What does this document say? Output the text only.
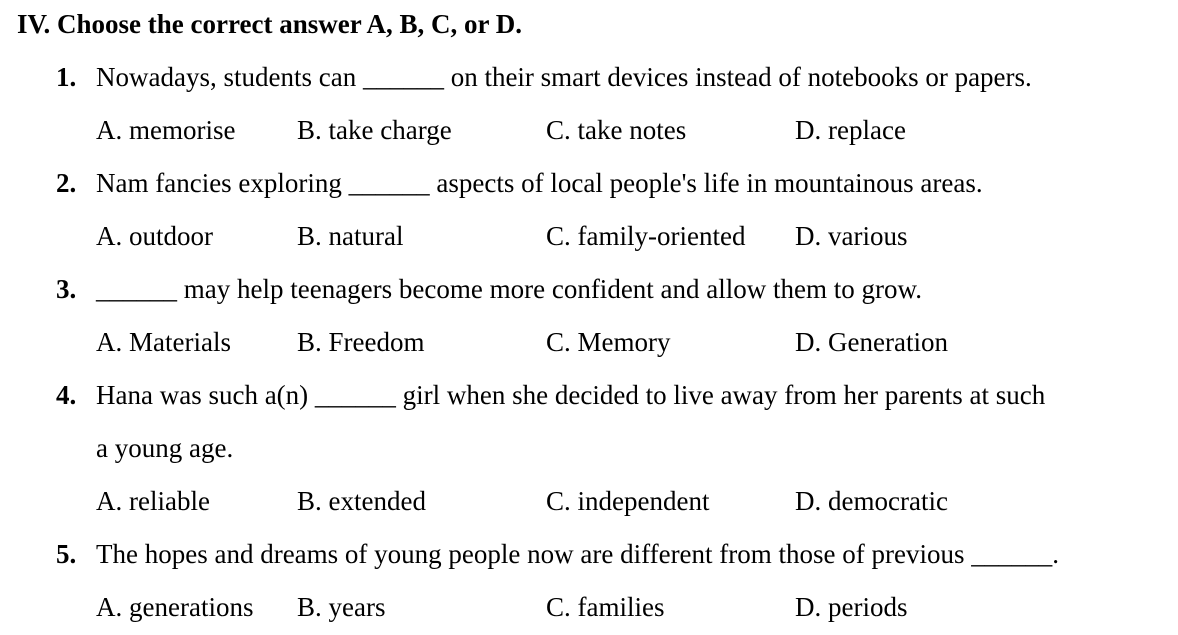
IV. Choose the correct answer A, B, C, or D.
1. Nowadays, students can ______ on their smart devices instead of notebooks or papers.
A. memorise B. take charge	C. take notes	D. replace
2. Nam fancies exploring ______ aspects of local people's life in mountainous areas.
A. outdoor	B. natural	C. family-oriented D. various
3. ______ may help teenagers become more confident and allow them to grow.
A. Materials B. Freedom	C. Memory	D. Generation
4. Hana was such a(n) ______ girl when she decided to live away from her parents at such
a young age.
A. reliable	B. extended	C. independent	D. democratic
5. The hopes and dreams of young people now are different from those of previous ______.
A. generations B. years	C. families	D. periods
